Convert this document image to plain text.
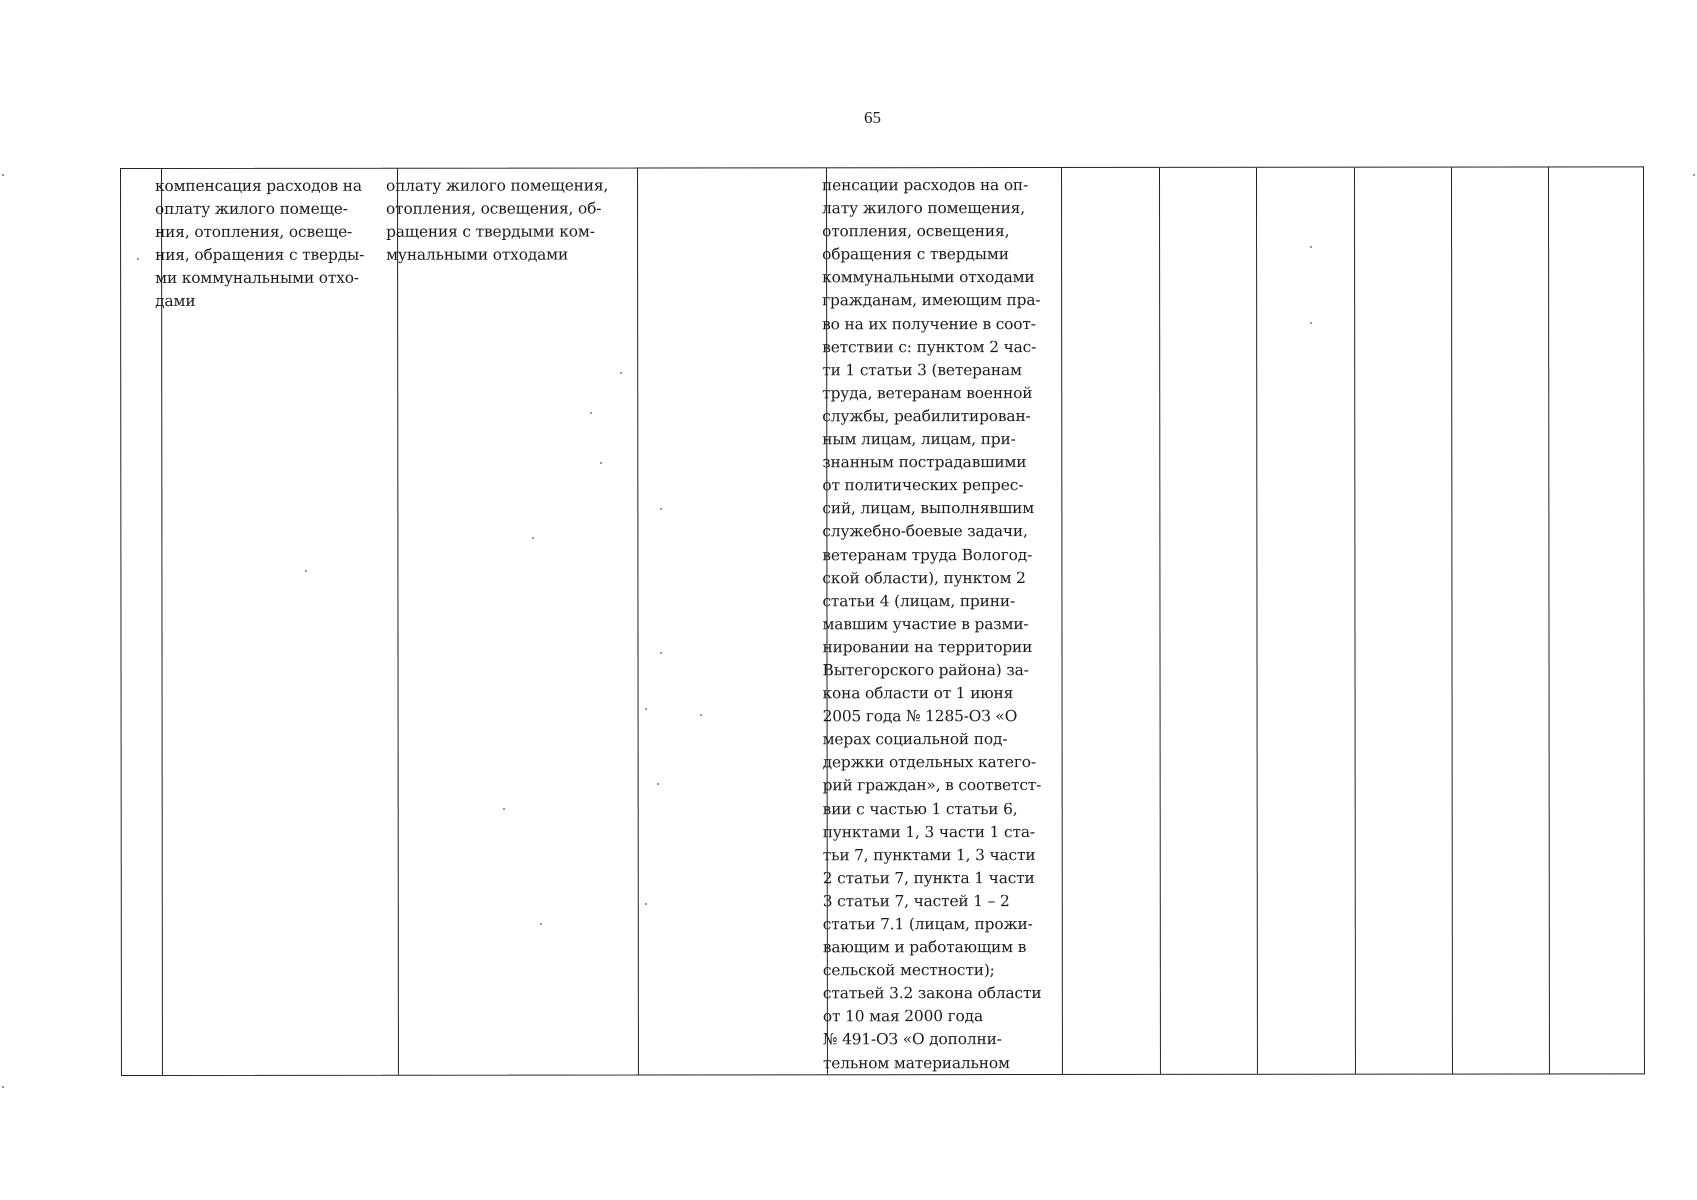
65
компенсация расходов на
оплату жилого помеще-
ния, отопления, освеще-
ния, обращения с тверды-
ми коммунальными отхо-
дами
оплату жилого помещения,
отопления, освещения, об-
ращения с твердыми ком-
мунальными отходами
пенсации расходов на оп-
лату жилого помещения,
отопления, освещения,
обращения с твердыми
коммунальными отходами
гражданам, имеющим пра-
во на их получение в соот-
ветствии с: пунктом 2 час-
ти 1 статьи 3 (ветеранам
труда, ветеранам военной
службы, реабилитирован-
ным лицам, лицам, при-
знанным пострадавшими
от политических репрес-
сий, лицам, выполнявшим
служебно-боевые задачи,
ветеранам труда Вологод-
ской области), пунктом 2
статьи 4 (лицам, прини-
мавшим участие в разми-
нировании на территории
Вытегорского района) за-
кона области от 1 июня
2005 года № 1285-ОЗ «О
мерах социальной под-
держки отдельных катего-
рий граждан», в соответст-
вии с частью 1 статьи 6,
пунктами 1, 3 части 1 ста-
тьи 7, пунктами 1, 3 части
2 статьи 7, пункта 1 части
3 статьи 7, частей 1 – 2
статьи 7.1 (лицам, прожи-
вающим и работающим в
сельской местности);
статьей 3.2 закона области
от 10 мая 2000 года
№ 491-ОЗ «О дополни-
тельном материальном
